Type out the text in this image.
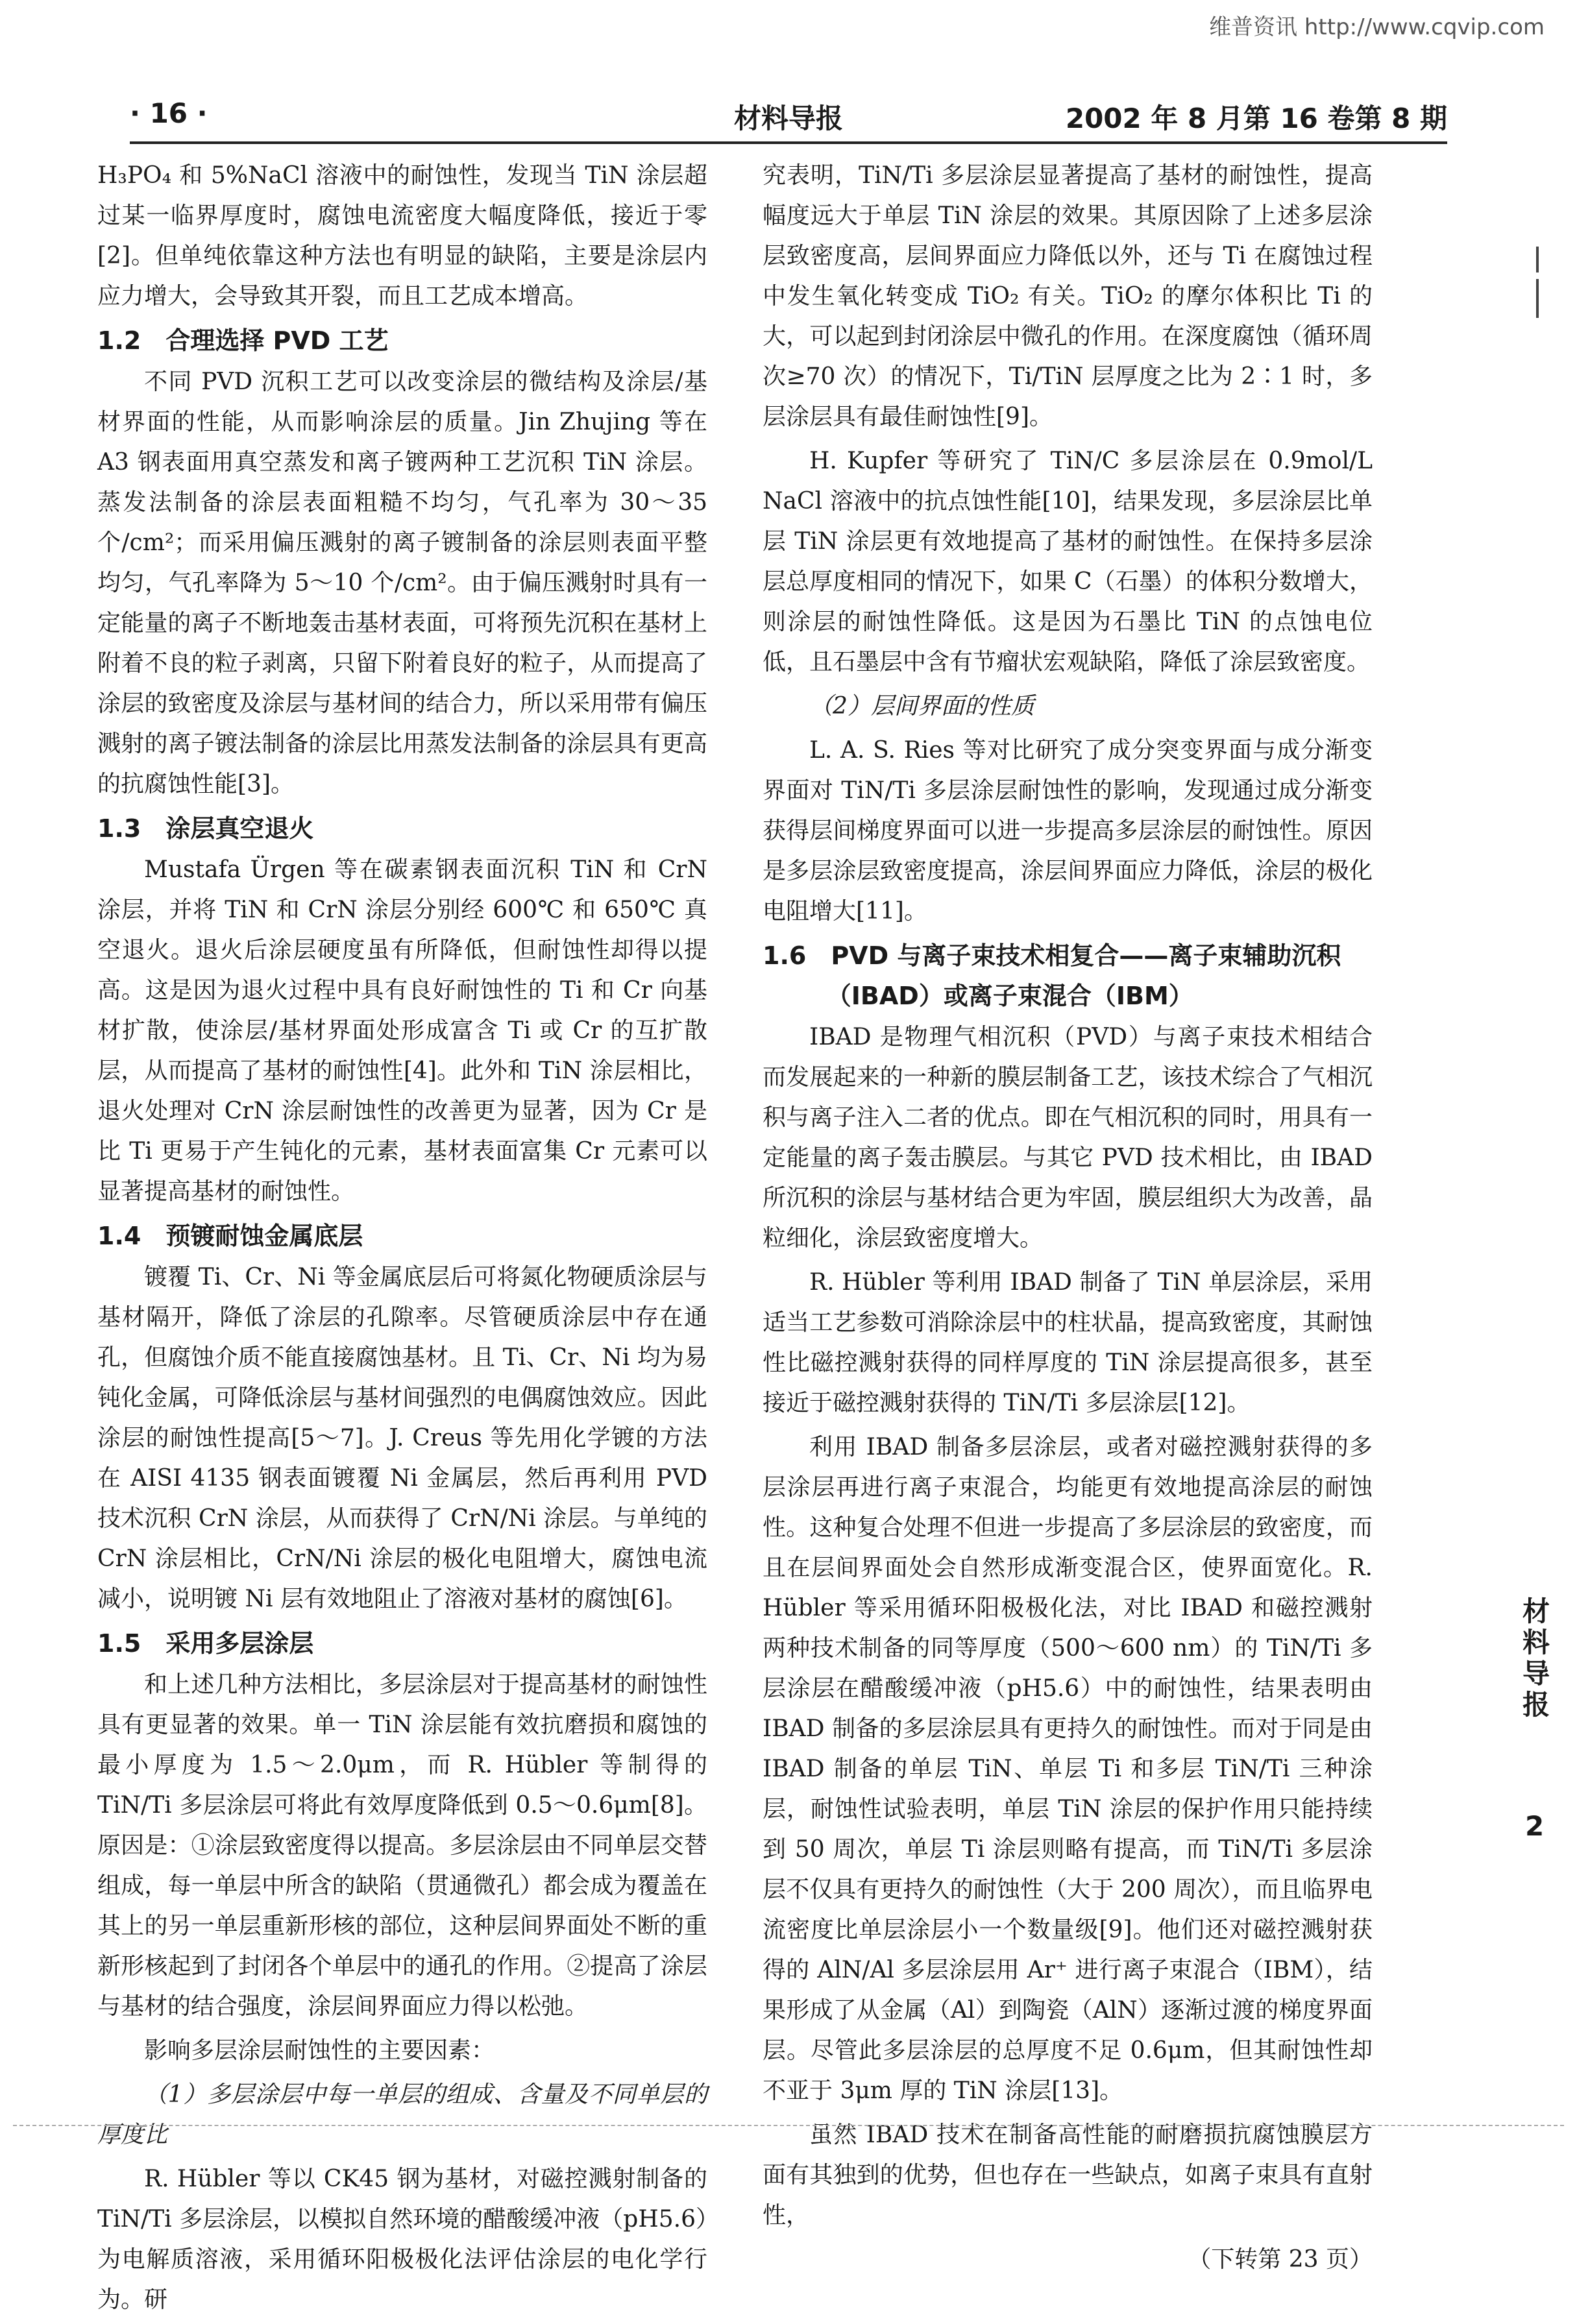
维普资讯 http://www.cqvip.com
· 16 ·	材料导报	2002 年 8 月第 16 卷第 8 期

H₃PO₄ 和 5%NaCl 溶液中的耐蚀性，发现当 TiN 涂层超过某一临界厚度时，腐蚀电流密度大幅度降低，接近于零[2]。但单纯依靠这种方法也有明显的缺陷，主要是涂层内应力增大，会导致其开裂，而且工艺成本增高。

1.2　合理选择 PVD 工艺

不同 PVD 沉积工艺可以改变涂层的微结构及涂层/基材界面的性能，从而影响涂层的质量。Jin Zhujing 等在 A3 钢表面用真空蒸发和离子镀两种工艺沉积 TiN 涂层。蒸发法制备的涂层表面粗糙不均匀，气孔率为 30～35 个/cm²；而采用偏压溅射的离子镀制备的涂层则表面平整均匀，气孔率降为 5～10 个/cm²。由于偏压溅射时具有一定能量的离子不断地轰击基材表面，可将预先沉积在基材上附着不良的粒子剥离，只留下附着良好的粒子，从而提高了涂层的致密度及涂层与基材间的结合力，所以采用带有偏压溅射的离子镀法制备的涂层比用蒸发法制备的涂层具有更高的抗腐蚀性能[3]。

1.3　涂层真空退火

Mustafa Ürgen 等在碳素钢表面沉积 TiN 和 CrN 涂层，并将 TiN 和 CrN 涂层分别经 600℃ 和 650℃ 真空退火。退火后涂层硬度虽有所降低，但耐蚀性却得以提高。这是因为退火过程中具有良好耐蚀性的 Ti 和 Cr 向基材扩散，使涂层/基材界面处形成富含 Ti 或 Cr 的互扩散层，从而提高了基材的耐蚀性[4]。此外和 TiN 涂层相比，退火处理对 CrN 涂层耐蚀性的改善更为显著，因为 Cr 是比 Ti 更易于产生钝化的元素，基材表面富集 Cr 元素可以显著提高基材的耐蚀性。

1.4　预镀耐蚀金属底层

镀覆 Ti、Cr、Ni 等金属底层后可将氮化物硬质涂层与基材隔开，降低了涂层的孔隙率。尽管硬质涂层中存在通孔，但腐蚀介质不能直接腐蚀基材。且 Ti、Cr、Ni 均为易钝化金属，可降低涂层与基材间强烈的电偶腐蚀效应。因此涂层的耐蚀性提高[5～7]。J. Creus 等先用化学镀的方法在 AISI 4135 钢表面镀覆 Ni 金属层，然后再利用 PVD 技术沉积 CrN 涂层，从而获得了 CrN/Ni 涂层。与单纯的 CrN 涂层相比，CrN/Ni 涂层的极化电阻增大，腐蚀电流减小，说明镀 Ni 层有效地阻止了溶液对基材的腐蚀[6]。

1.5　采用多层涂层

和上述几种方法相比，多层涂层对于提高基材的耐蚀性具有更显著的效果。单一 TiN 涂层能有效抗磨损和腐蚀的最小厚度为 1.5～2.0μm，而 R. Hübler 等制得的 TiN/Ti 多层涂层可将此有效厚度降低到 0.5～0.6μm[8]。原因是：①涂层致密度得以提高。多层涂层由不同单层交替组成，每一单层中所含的缺陷（贯通微孔）都会成为覆盖在其上的另一单层重新形核的部位，这种层间界面处不断的重新形核起到了封闭各个单层中的通孔的作用。②提高了涂层与基材的结合强度，涂层间界面应力得以松弛。

影响多层涂层耐蚀性的主要因素：

（1）多层涂层中每一单层的组成、含量及不同单层的厚度比

R. Hübler 等以 CK45 钢为基材，对磁控溅射制备的 TiN/Ti 多层涂层，以模拟自然环境的醋酸缓冲液（pH5.6）为电解质溶液，采用循环阳极极化法评估涂层的电化学行为。研

究表明，TiN/Ti 多层涂层显著提高了基材的耐蚀性，提高幅度远大于单层 TiN 涂层的效果。其原因除了上述多层涂层致密度高，层间界面应力降低以外，还与 Ti 在腐蚀过程中发生氧化转变成 TiO₂ 有关。TiO₂ 的摩尔体积比 Ti 的大，可以起到封闭涂层中微孔的作用。在深度腐蚀（循环周次≥70 次）的情况下，Ti/TiN 层厚度之比为 2∶1 时，多层涂层具有最佳耐蚀性[9]。

H. Kupfer 等研究了 TiN/C 多层涂层在 0.9mol/L NaCl 溶液中的抗点蚀性能[10]，结果发现，多层涂层比单层 TiN 涂层更有效地提高了基材的耐蚀性。在保持多层涂层总厚度相同的情况下，如果 C（石墨）的体积分数增大，则涂层的耐蚀性降低。这是因为石墨比 TiN 的点蚀电位低，且石墨层中含有节瘤状宏观缺陷，降低了涂层致密度。

（2）层间界面的性质

L. A. S. Ries 等对比研究了成分突变界面与成分渐变界面对 TiN/Ti 多层涂层耐蚀性的影响，发现通过成分渐变获得层间梯度界面可以进一步提高多层涂层的耐蚀性。原因是多层涂层致密度提高，涂层间界面应力降低，涂层的极化电阻增大[11]。

1.6　PVD 与离子束技术相复合——离子束辅助沉积（IBAD）或离子束混合（IBM）

IBAD 是物理气相沉积（PVD）与离子束技术相结合而发展起来的一种新的膜层制备工艺，该技术综合了气相沉积与离子注入二者的优点。即在气相沉积的同时，用具有一定能量的离子轰击膜层。与其它 PVD 技术相比，由 IBAD 所沉积的涂层与基材结合更为牢固，膜层组织大为改善，晶粒细化，涂层致密度增大。

R. Hübler 等利用 IBAD 制备了 TiN 单层涂层，采用适当工艺参数可消除涂层中的柱状晶，提高致密度，其耐蚀性比磁控溅射获得的同样厚度的 TiN 涂层提高很多，甚至接近于磁控溅射获得的 TiN/Ti 多层涂层[12]。

利用 IBAD 制备多层涂层，或者对磁控溅射获得的多层涂层再进行离子束混合，均能更有效地提高涂层的耐蚀性。这种复合处理不但进一步提高了多层涂层的致密度，而且在层间界面处会自然形成渐变混合区，使界面宽化。R. Hübler 等采用循环阳极极化法，对比 IBAD 和磁控溅射两种技术制备的同等厚度（500～600 nm）的 TiN/Ti 多层涂层在醋酸缓冲液（pH5.6）中的耐蚀性，结果表明由 IBAD 制备的多层涂层具有更持久的耐蚀性。而对于同是由 IBAD 制备的单层 TiN、单层 Ti 和多层 TiN/Ti 三种涂层，耐蚀性试验表明，单层 TiN 涂层的保护作用只能持续到 50 周次，单层 Ti 涂层则略有提高，而 TiN/Ti 多层涂层不仅具有更持久的耐蚀性（大于 200 周次），而且临界电流密度比单层涂层小一个数量级[9]。他们还对磁控溅射获得的 AlN/Al 多层涂层用 Ar⁺ 进行离子束混合（IBM），结果形成了从金属（Al）到陶瓷（AlN）逐渐过渡的梯度界面层。尽管此多层涂层的总厚度不足 0.6μm，但其耐蚀性却不亚于 3μm 厚的 TiN 涂层[13]。

虽然 IBAD 技术在制备高性能的耐磨损抗腐蚀膜层方面有其独到的优势，但也存在一些缺点，如离子束具有直射性，

（下转第 23 页）

材料导报
2
